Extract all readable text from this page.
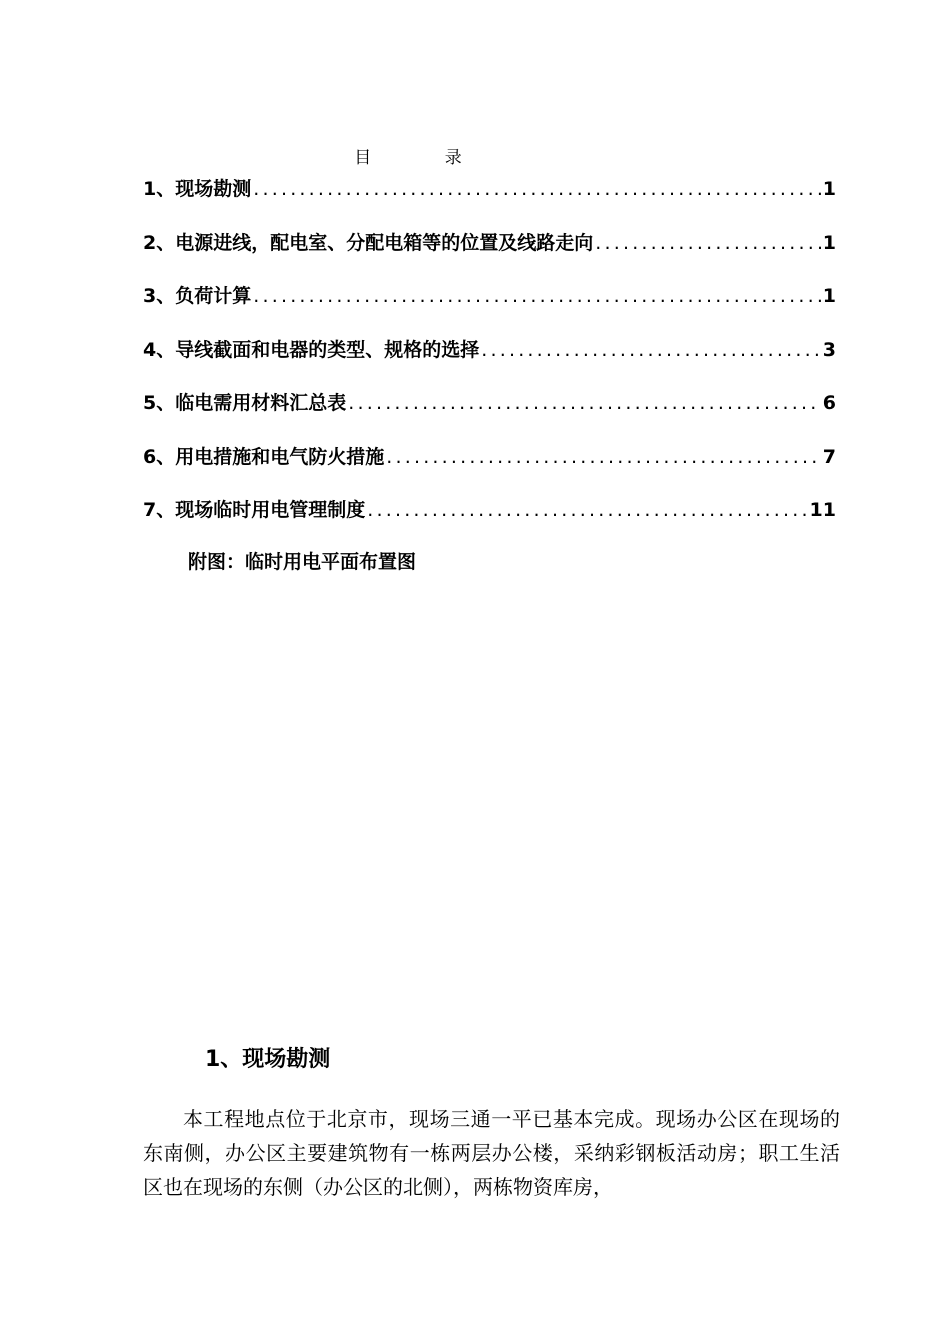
目 录
1、现场勘测 .....	1
2、电源进线，配电室、分配电箱等的位置及线路走向 .....	1
3、负荷计算 .....	1
4、导线截面和电器的类型、规格的选择 .....	3
5、临电需用材料汇总表 .....	6
6、用电措施和电气防火措施 .....	7
7、现场临时用电管理制度 .....	11
附图：临时用电平面布置图
1、现场勘测

本工程地点位于北京市，现场三通一平已基本完成。现场办公区在现场的东南侧，办公区主要建筑物有一栋两层办公楼，采纳彩钢板活动房；职工生活区也在现场的东侧（办公区的北侧），两栋物资库房，
